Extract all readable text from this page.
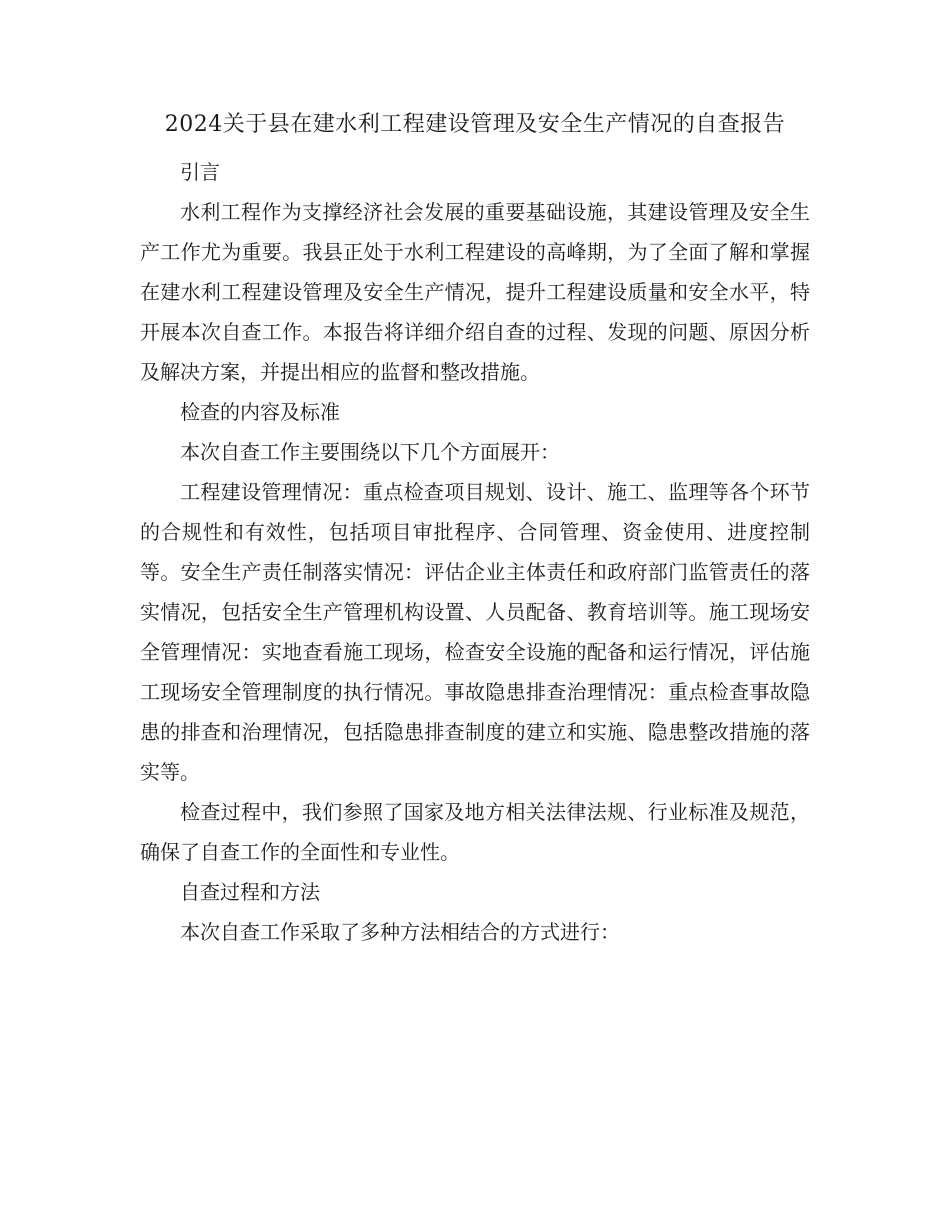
2024关于县在建水利工程建设管理及安全生产情况的自查报告

引言

水利工程作为支撑经济社会发展的重要基础设施，其建设管理及安全生产工作尤为重要。我县正处于水利工程建设的高峰期，为了全面了解和掌握在建水利工程建设管理及安全生产情况，提升工程建设质量和安全水平，特开展本次自查工作。本报告将详细介绍自查的过程、发现的问题、原因分析及解决方案，并提出相应的监督和整改措施。

检查的内容及标准

本次自查工作主要围绕以下几个方面展开：

工程建设管理情况：重点检查项目规划、设计、施工、监理等各个环节的合规性和有效性，包括项目审批程序、合同管理、资金使用、进度控制等。安全生产责任制落实情况：评估企业主体责任和政府部门监管责任的落实情况，包括安全生产管理机构设置、人员配备、教育培训等。施工现场安全管理情况：实地查看施工现场，检查安全设施的配备和运行情况，评估施工现场安全管理制度的执行情况。事故隐患排查治理情况：重点检查事故隐患的排查和治理情况，包括隐患排查制度的建立和实施、隐患整改措施的落实等。

检查过程中，我们参照了国家及地方相关法律法规、行业标准及规范，确保了自查工作的全面性和专业性。

自查过程和方法

本次自查工作采取了多种方法相结合的方式进行：
